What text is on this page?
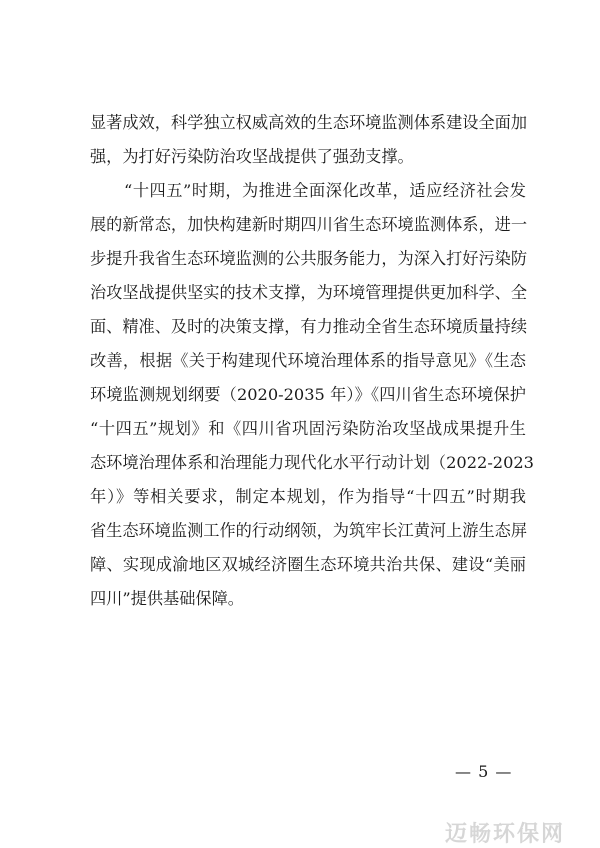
显著成效，科学独立权威高效的生态环境监测体系建设全面加
强，为打好污染防治攻坚战提供了强劲支撑。
“十四五”时期，为推进全面深化改革，适应经济社会发
展的新常态，加快构建新时期四川省生态环境监测体系，进一
步提升我省生态环境监测的公共服务能力，为深入打好污染防
治攻坚战提供坚实的技术支撑，为环境管理提供更加科学、全
面、精准、及时的决策支撑，有力推动全省生态环境质量持续
改善，根据《关于构建现代环境治理体系的指导意见》《生态
环境监测规划纲要（2020-2035 年）》《四川省生态环境保护
“十四五”规划》和《四川省巩固污染防治攻坚战成果提升生
态环境治理体系和治理能力现代化水平行动计划（2022-2023
年）》等相关要求，制定本规划，作为指导“十四五”时期我
省生态环境监测工作的行动纲领，为筑牢长江黄河上游生态屏
障、实现成渝地区双城经济圈生态环境共治共保、建设“美丽
四川”提供基础保障。
— 5 —
迈畅环保网
